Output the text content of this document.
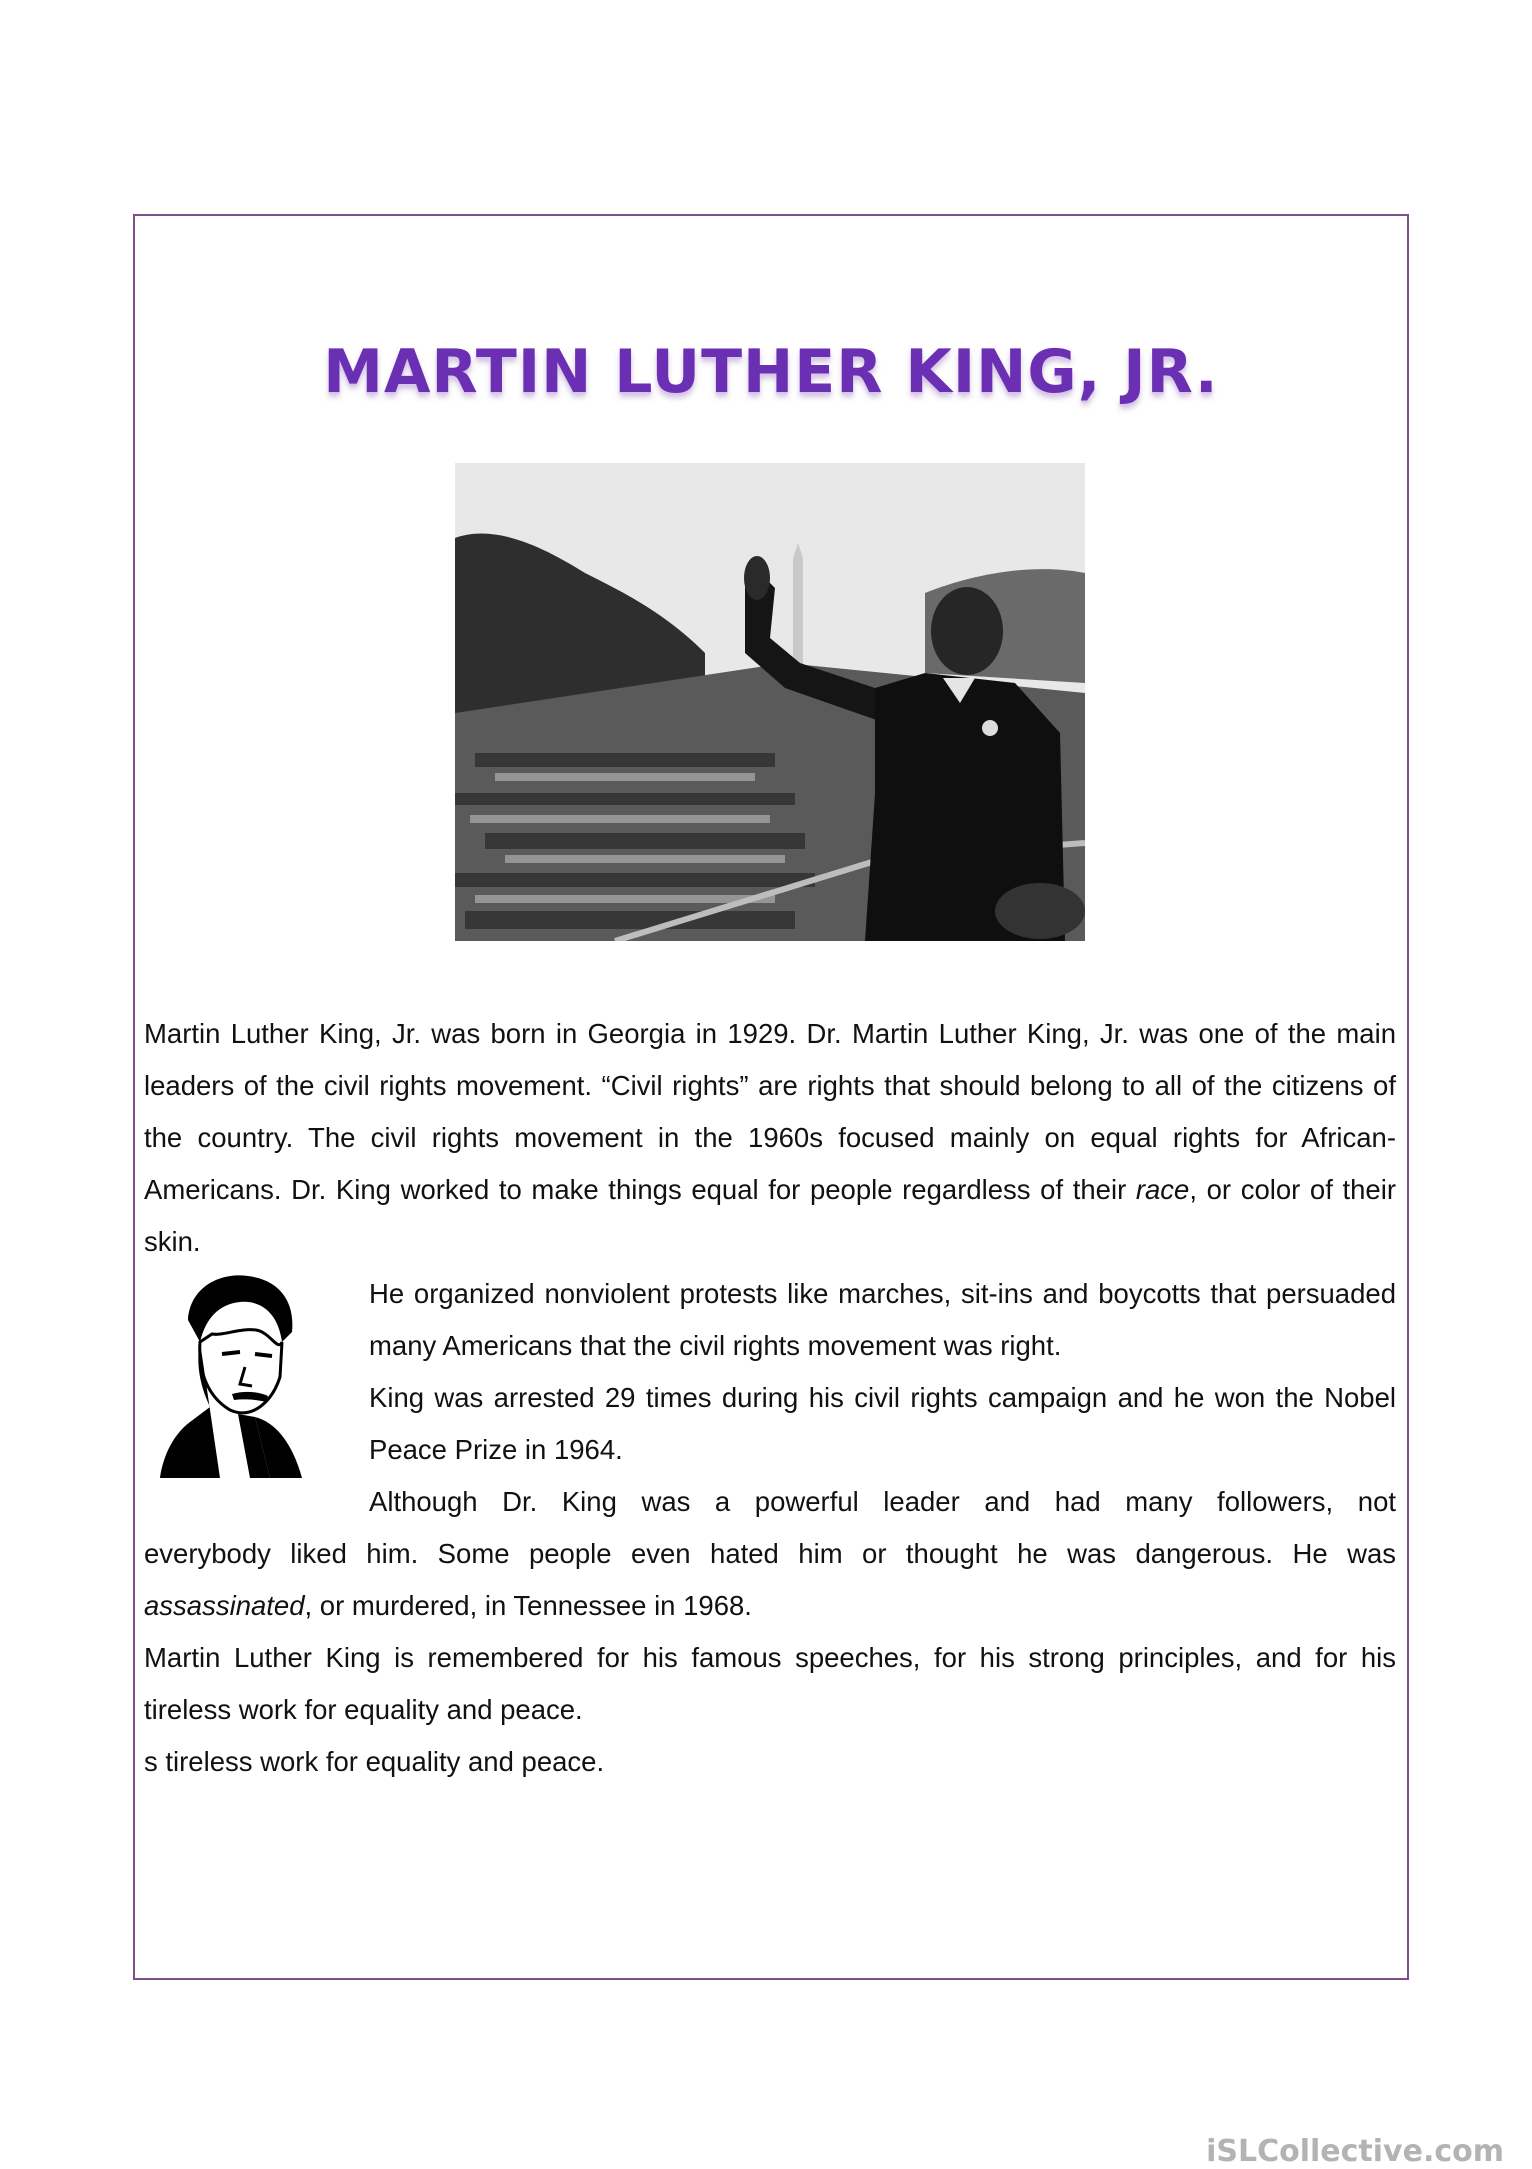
MARTIN LUTHER KING, JR.

Martin Luther King, Jr. was born in Georgia in 1929. Dr. Martin Luther King, Jr. was one of the main leaders of the civil rights movement. “Civil rights” are rights that should belong to all of the citizens of the country. The civil rights movement in the 1960s focused mainly on equal rights for African-Americans. Dr. King worked to make things equal for people regardless of their race, or color of their skin.

He organized nonviolent protests like marches, sit-ins and boycotts that persuaded many Americans that the civil rights movement was right.

King was arrested 29 times during his civil rights campaign and he won the Nobel Peace Prize in 1964.

Although Dr. King was a powerful leader and had many followers, not

everybody liked him. Some people even hated him or thought he was dangerous. He was assassinated, or murdered, in Tennessee in 1968.

Martin Luther King is remembered for his famous speeches, for his strong principles, and for his tireless work for equality and peace.

s tireless work for equality and peace.

iSLCollective.com
